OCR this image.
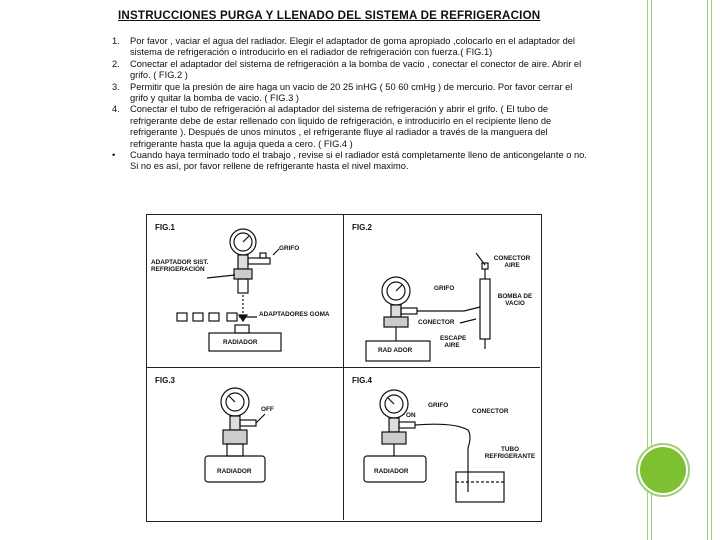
INSTRUCCIONES PURGA Y LLENADO DEL SISTEMA DE REFRIGERACION
1.	Por favor , vaciar el agua del radiador. Elegir el adaptador de goma apropiado ,colocarlo en el adaptador del sistema de refrigeración o introducirlo en el radiador de refrigeración con fuerza.( FIG.1)
2.	Conectar el adaptador del sistema de refrigeración a la bomba de vacio , conectar el conector de aire. Abrir el grifo. ( FIG.2 )
3.	Permitir que la presión de aire haga un vacio de 20 25 inHG ( 50 60 cmHg ) de mercurio. Por favor cerrar el grifo y quitar la bomba de vacio. ( FIG.3 )
4.	Conectar el tubo de refrigeración al adaptador del sistema de refrigeración y abrir el grifo. ( El tubo de refrigerante debe de estar rellenado con liquido de refrigeración, e introducirlo en el recipiente lleno de refrigerante ). Después de unos minutos , el refrigerante fluye al radiador a través de la manguera del refrigerante hasta que la aguja queda a cero. ( FIG.4 )
•	Cuando haya terminado todo el trabajo , revise si el radiador está completamente lleno de anticongelante o no. Si no es así, por favor rellene de refrigerante hasta el nivel maximo.
FIG.1
ADAPTADOR SIST. REFRIGERACIÓN
GRIFO
ADAPTADORES GOMA
RADIADOR
FIG.2
CONECTOR AIRE
GRIFO
BOMBA DE VACIO
CONECTOR
ESCAPE AIRE
RAD ADOR
FIG.3
OFF
RADIADOR
FIG.4
GRIFO
ON
CONECTOR
TUBO REFRIGERANTE
RADIADOR
